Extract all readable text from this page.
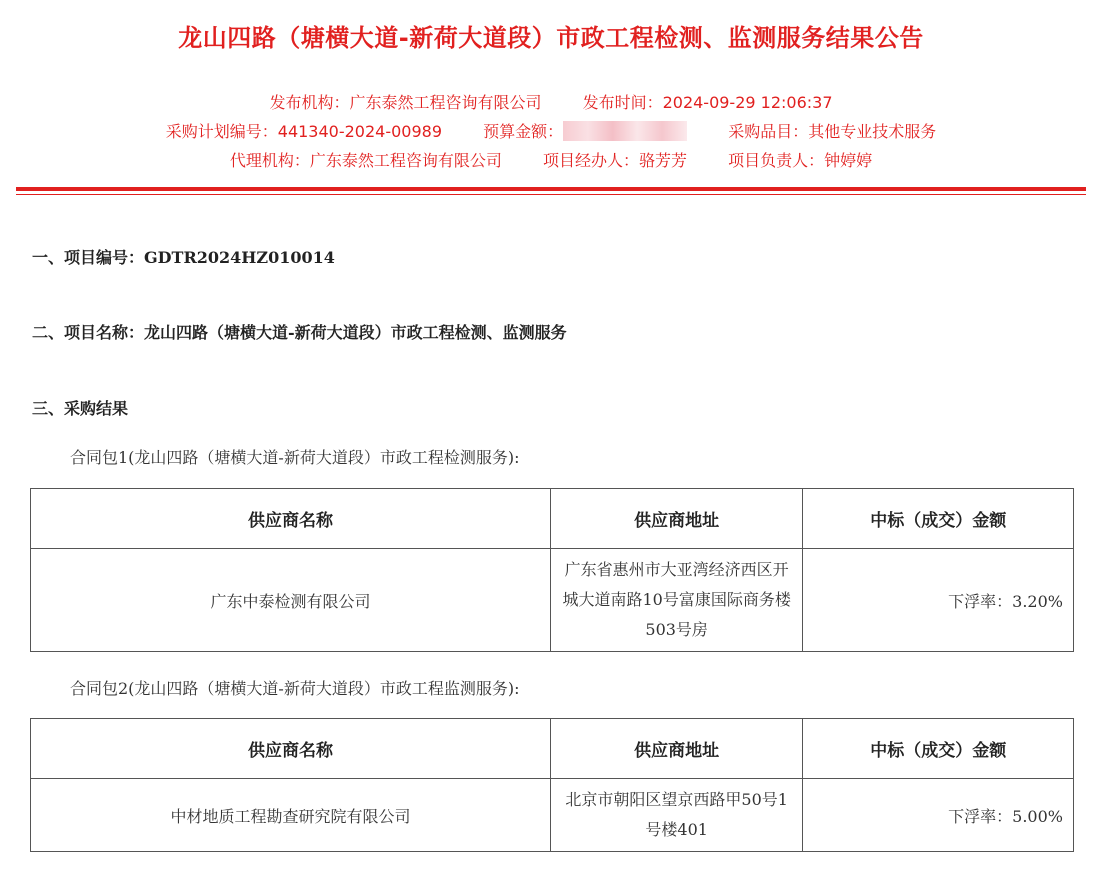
龙山四路（塘横大道-新荷大道段）市政工程检测、监测服务结果公告
发布机构：广东泰然工程咨询有限公司	发布时间：2024-09-29 12:06:37
采购计划编号：441340-2024-00989	预算金额：	采购品目：其他专业技术服务
代理机构：广东泰然工程咨询有限公司	项目经办人：骆芳芳	项目负责人：钟婷婷
一、项目编号：GDTR2024HZ010014
二、项目名称：龙山四路（塘横大道-新荷大道段）市政工程检测、监测服务
三、采购结果
合同包1(龙山四路（塘横大道-新荷大道段）市政工程检测服务):
供应商名称	供应商地址	中标（成交）金额
广东中泰检测有限公司	广东省惠州市大亚湾经济西区开城大道南路10号富康国际商务楼503号房	下浮率：3.20%
合同包2(龙山四路（塘横大道-新荷大道段）市政工程监测服务):
供应商名称	供应商地址	中标（成交）金额
中材地质工程勘查研究院有限公司	北京市朝阳区望京西路甲50号1号楼401	下浮率：5.00%
